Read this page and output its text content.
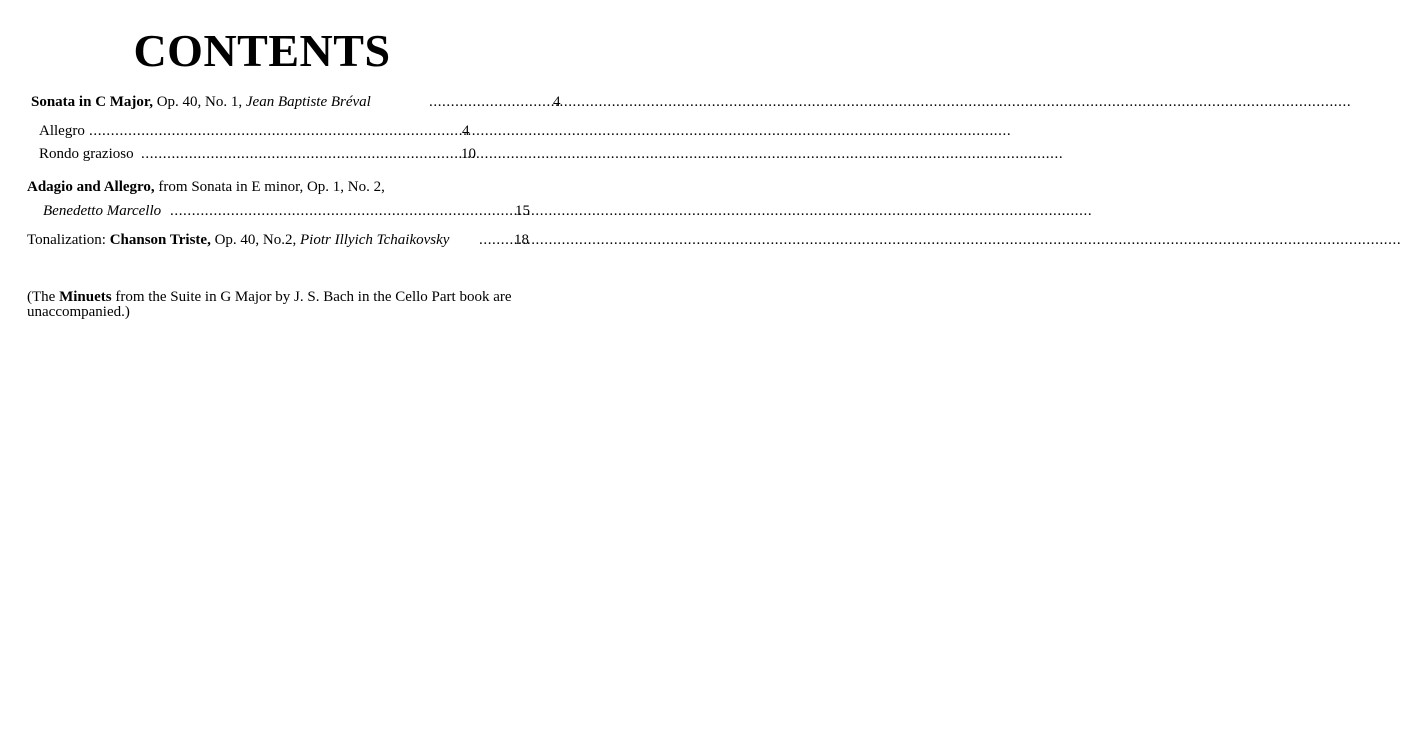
CONTENTS
Sonata in C Major, Op. 40, No. 1, Jean Baptiste Bréval .....	4
Allegro .....	4
Rondo grazioso .....	10
Adagio and Allegro, from Sonata in E minor, Op. 1, No. 2,
Benedetto Marcello .....	15
Tonalization: Chanson Triste, Op. 40, No.2, Piotr Illyich Tchaikovsky .....	18
(The Minuets from the Suite in G Major by J. S. Bach in the Cello Part book are unaccompanied.)
